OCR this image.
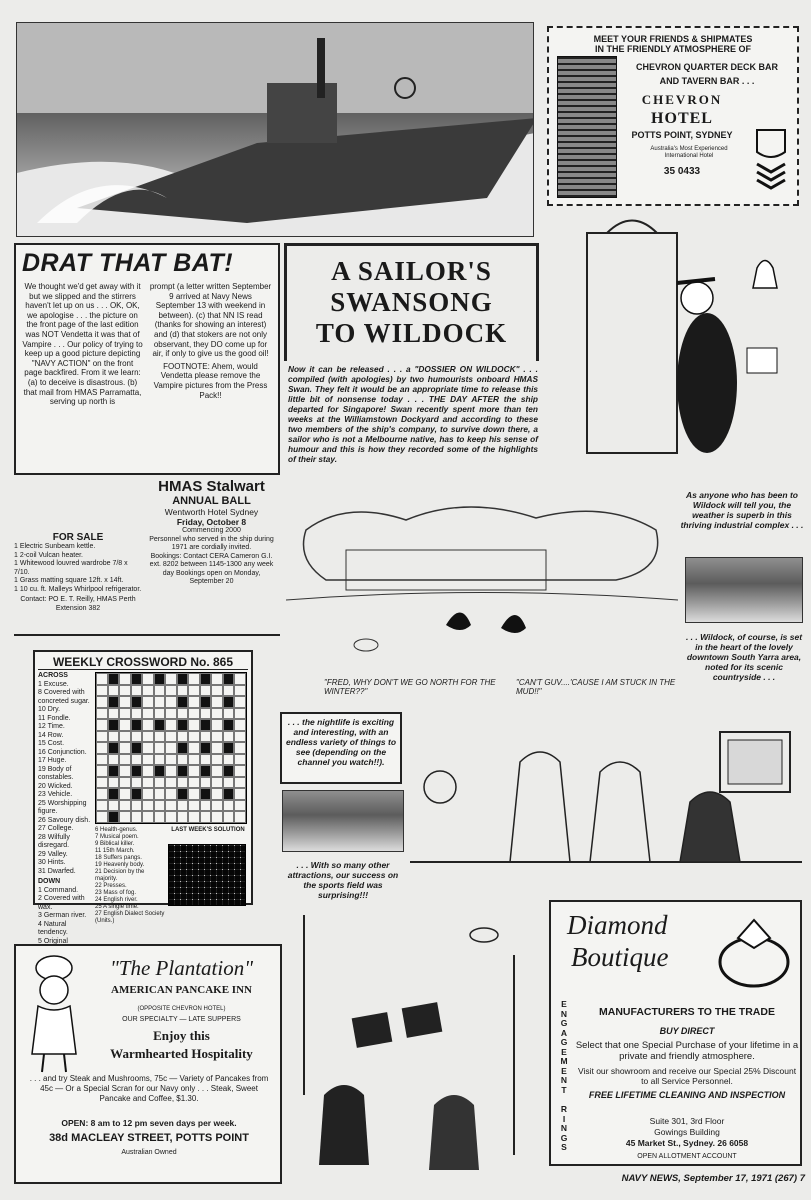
DRAT THAT BAT!

We thought we'd get away with it but we slipped and the stirrers haven't let up on us . . . OK, OK, we apologise . . . the picture on the front page of the last edition was NOT Vendetta it was that of Vampire . . . Our policy of trying to keep up a good picture depicting "NAVY ACTION" on the front page backfired. From it we learn: (a) to deceive is disastrous. (b) that mail from HMAS Parramatta, serving up north is

prompt (a letter written September 9 arrived at Navy News September 13 with weekend in between). (c) that NN IS read (thanks for showing an interest) and (d) that stokers are not only observant, they DO come up for air, if only to give us the good oil!

FOOTNOTE: Ahem, would Vendetta please remove the Vampire pictures from the Press Pack!!

HMAS Stalwart

ANNUAL BALL

Wentworth Hotel Sydney

Friday, October 8

Commencing 2000

Personnel who served in the ship during 1971 are cordially invited.

Bookings: Contact CERA Cameron G.I. ext. 8202 between 1145-1300 any week day Bookings open on Monday, September 20

FOR SALE

1 Electric Sunbeam kettle.
1 2-coil Vulcan heater.
1 Whitewood louvred wardrobe 7/8 x 7/10.
1 Grass matting square 12ft. x 14ft.
1 10 cu. ft. Malleys Whirlpool refrigerator.

Contact: PO E. T. Reilly, HMAS Perth Extension 382

WEEKLY CROSSWORD No. 865

ACROSS

1 Excuse.

8 Covered with concreted sugar.

10 Dry.

11 Fondle.

12 Time.

14 Row.

15 Cost.

16 Conjunction.

17 Huge.

19 Body of constables.

20 Wicked.

23 Vehicle.

25 Worshipping figure.

26 Savoury dish.

27 College.

28 Wilfully disregard.

29 Valley.

30 Hints.

31 Dwarfed.

DOWN

1 Command.

2 Covered with wax.

3 German river.

4 Natural tendency.

5 Original

6 Health-genus.

7 Musical poem.

9 Biblical killer.

11 15th March.

18 Suffers pangs.

19 Heavenly body.

21 Decision by the majority.

22 Presses.

23 Mass of fog.

24 English river.

25 A single time.

27 English Dialect Society (Units.)

LAST WEEK'S SOLUTION

"The Plantation"

AMERICAN PANCAKE INN

(OPPOSITE CHEVRON HOTEL)

OUR SPECIALTY — LATE SUPPERS

Enjoy this

Warmhearted Hospitality

. . . and try Steak and Mushrooms, 75c — Variety of Pancakes from 45c — Or a Special Scran for our Navy only . . . Steak, Sweet Pancake and Coffee, $1.30.

OPEN: 8 am to 12 pm seven days per week.

38d MACLEAY STREET, POTTS POINT

Australian Owned

MEET YOUR FRIENDS & SHIPMATES

IN THE FRIENDLY ATMOSPHERE OF

CHEVRON QUARTER DECK BAR

AND TAVERN BAR . . .

CHEVRON

HOTEL

POTTS POINT, SYDNEY

Australia's Most Experienced International Hotel

35 0433

As anyone who has been to Wildock will tell you, the weather is superb in this thriving industrial complex . . .

A SAILOR'S

SWANSONG

TO WILDOCK

Now it can be released . . . a "DOSSIER ON WILDOCK" . . . compiled (with apologies) by two humourists onboard HMAS Swan. They felt it would be an appropriate time to release this little bit of nonsense today . . . THE DAY AFTER the ship departed for Singapore! Swan recently spent more than ten weeks at the Williamstown Dockyard and according to these two members of the ship's company, to survive down there, a sailor who is not a Melbourne native, has to keep his sense of humour and this is how they recorded some of the highlights of their stay.

"FRED, WHY DON'T WE GO NORTH FOR THE WINTER??"

"CAN'T GUV....'CAUSE I AM STUCK IN THE MUD!!"

. . . Wildock, of course, is set in the heart of the lovely downtown South Yarra area, noted for its scenic countryside . . .

. . . the nightlife is exciting and interesting, with an endless variety of things to see (depending on the channel you watch!!).

. . . With so many other attractions, our success on the sports field was surprising!!!

Diamond

Boutique

E
N
G
A
G
E
M
E
N
T

R
I
N
G
S

MANUFACTURERS TO THE TRADE

BUY DIRECT

Select that one Special Purchase of your lifetime in a private and friendly atmosphere.

Visit our showroom and receive our Special 25% Discount to all Service Personnel.

FREE LIFETIME CLEANING AND INSPECTION

Suite 301, 3rd Floor

Gowings Building

45 Market St., Sydney. 26 6058

OPEN ALLOTMENT ACCOUNT

NAVY NEWS, September 17, 1971 (267) 7
